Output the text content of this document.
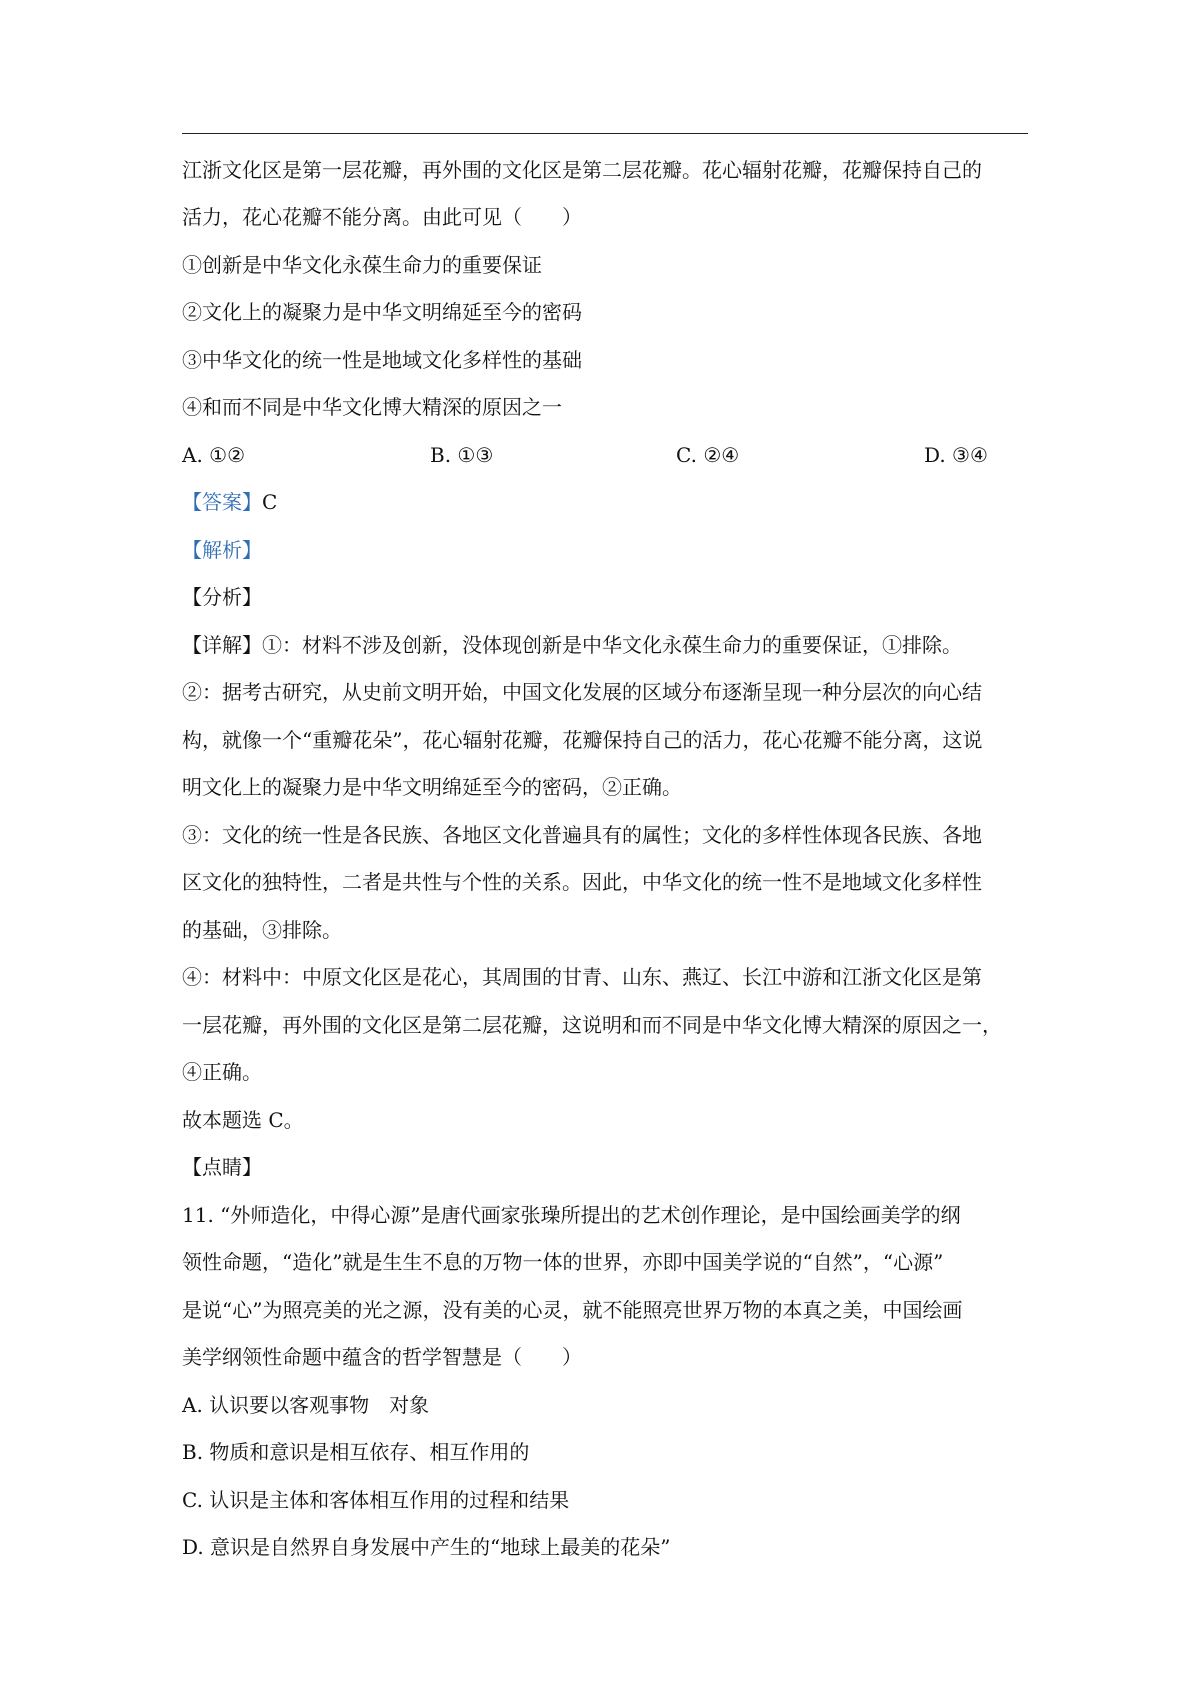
江浙文化区是第一层花瓣，再外围的文化区是第二层花瓣。花心辐射花瓣，花瓣保持自己的
活力，花心花瓣不能分离。由此可见（　　）
①创新是中华文化永葆生命力的重要保证
②文化上的凝聚力是中华文明绵延至今的密码
③中华文化的统一性是地域文化多样性的基础
④和而不同是中华文化博大精深的原因之一
A. ①②	B. ①③	C. ②④	D. ③④
【答案】C
【解析】
【分析】
【详解】①：材料不涉及创新，没体现创新是中华文化永葆生命力的重要保证，①排除。
②：据考古研究，从史前文明开始，中国文化发展的区域分布逐渐呈现一种分层次的向心结
构，就像一个“重瓣花朵”，花心辐射花瓣，花瓣保持自己的活力，花心花瓣不能分离，这说
明文化上的凝聚力是中华文明绵延至今的密码，②正确。
③：文化的统一性是各民族、各地区文化普遍具有的属性；文化的多样性体现各民族、各地
区文化的独特性，二者是共性与个性的关系。因此，中华文化的统一性不是地域文化多样性
的基础，③排除。
④：材料中：中原文化区是花心，其周围的甘青、山东、燕辽、长江中游和江浙文化区是第
一层花瓣，再外围的文化区是第二层花瓣，这说明和而不同是中华文化博大精深的原因之一，
④正确。
故本题选 C。
【点睛】
11. “外师造化，中得心源”是唐代画家张璪所提出的艺术创作理论，是中国绘画美学的纲
领性命题，“造化”就是生生不息的万物一体的世界，亦即中国美学说的“自然”，“心源”
是说“心”为照亮美的光之源，没有美的心灵，就不能照亮世界万物的本真之美，中国绘画
美学纲领性命题中蕴含的哲学智慧是（　　）
A. 认识要以客观事物　对象
B. 物质和意识是相互依存、相互作用的
C. 认识是主体和客体相互作用的过程和结果
D. 意识是自然界自身发展中产生的“地球上最美的花朵”
